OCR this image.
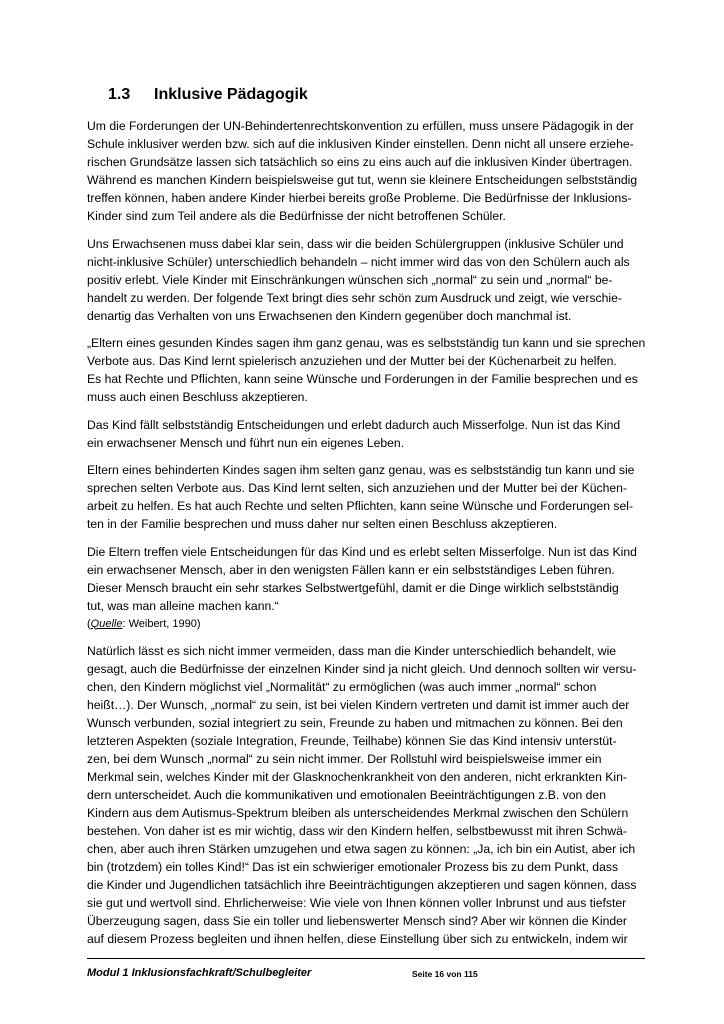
1.3 Inklusive Pädagogik

Um die Forderungen der UN-Behindertenrechtskonvention zu erfüllen, muss unsere Pädagogik in der
Schule inklusiver werden bzw. sich auf die inklusiven Kinder einstellen. Denn nicht all unsere erziehe-
rischen Grundsätze lassen sich tatsächlich so eins zu eins auch auf die inklusiven Kinder übertragen.
Während es manchen Kindern beispielsweise gut tut, wenn sie kleinere Entscheidungen selbstständig
treffen können, haben andere Kinder hierbei bereits große Probleme. Die Bedürfnisse der Inklusions-
Kinder sind zum Teil andere als die Bedürfnisse der nicht betroffenen Schüler.

Uns Erwachsenen muss dabei klar sein, dass wir die beiden Schülergruppen (inklusive Schüler und
nicht-inklusive Schüler) unterschiedlich behandeln – nicht immer wird das von den Schülern auch als
positiv erlebt. Viele Kinder mit Einschränkungen wünschen sich „normal“ zu sein und „normal“ be-
handelt zu werden. Der folgende Text bringt dies sehr schön zum Ausdruck und zeigt, wie verschie-
denartig das Verhalten von uns Erwachsenen den Kindern gegenüber doch manchmal ist.

„Eltern eines gesunden Kindes sagen ihm ganz genau, was es selbstständig tun kann und sie sprechen
Verbote aus. Das Kind lernt spielerisch anzuziehen und der Mutter bei der Küchenarbeit zu helfen.
Es hat Rechte und Pflichten, kann seine Wünsche und Forderungen in der Familie besprechen und es
muss auch einen Beschluss akzeptieren.

Das Kind fällt selbstständig Entscheidungen und erlebt dadurch auch Misserfolge. Nun ist das Kind
ein erwachsener Mensch und führt nun ein eigenes Leben.

Eltern eines behinderten Kindes sagen ihm selten ganz genau, was es selbstständig tun kann und sie
sprechen selten Verbote aus. Das Kind lernt selten, sich anzuziehen und der Mutter bei der Küchen-
arbeit zu helfen. Es hat auch Rechte und selten Pflichten, kann seine Wünsche und Forderungen sel-
ten in der Familie besprechen und muss daher nur selten einen Beschluss akzeptieren.

Die Eltern treffen viele Entscheidungen für das Kind und es erlebt selten Misserfolge. Nun ist das Kind
ein erwachsener Mensch, aber in den wenigsten Fällen kann er ein selbstständiges Leben führen.
Dieser Mensch braucht ein sehr starkes Selbstwertgefühl, damit er die Dinge wirklich selbstständig
tut, was man alleine machen kann.“
(Quelle: Weibert, 1990)

Natürlich lässt es sich nicht immer vermeiden, dass man die Kinder unterschiedlich behandelt, wie
gesagt, auch die Bedürfnisse der einzelnen Kinder sind ja nicht gleich. Und dennoch sollten wir versu-
chen, den Kindern möglichst viel „Normalität“ zu ermöglichen (was auch immer „normal“ schon
heißt…). Der Wunsch, „normal“ zu sein, ist bei vielen Kindern vertreten und damit ist immer auch der
Wunsch verbunden, sozial integriert zu sein, Freunde zu haben und mitmachen zu können. Bei den
letzteren Aspekten (soziale Integration, Freunde, Teilhabe) können Sie das Kind intensiv unterstüt-
zen, bei dem Wunsch „normal“ zu sein nicht immer. Der Rollstuhl wird beispielsweise immer ein
Merkmal sein, welches Kinder mit der Glasknochenkrankheit von den anderen, nicht erkrankten Kin-
dern unterscheidet. Auch die kommunikativen und emotionalen Beeinträchtigungen z.B. von den
Kindern aus dem Autismus-Spektrum bleiben als unterscheidendes Merkmal zwischen den Schülern
bestehen. Von daher ist es mir wichtig, dass wir den Kindern helfen, selbstbewusst mit ihren Schwä-
chen, aber auch ihren Stärken umzugehen und etwa sagen zu können: „Ja, ich bin ein Autist, aber ich
bin (trotzdem) ein tolles Kind!“ Das ist ein schwieriger emotionaler Prozess bis zu dem Punkt, dass
die Kinder und Jugendlichen tatsächlich ihre Beeinträchtigungen akzeptieren und sagen können, dass
sie gut und wertvoll sind. Ehrlicherweise: Wie viele von Ihnen können voller Inbrunst und aus tiefster
Überzeugung sagen, dass Sie ein toller und liebenswerter Mensch sind? Aber wir können die Kinder
auf diesem Prozess begleiten und ihnen helfen, diese Einstellung über sich zu entwickeln, indem wir

Modul 1 Inklusionsfachkraft/Schulbegleiter	Seite 16 von 115
